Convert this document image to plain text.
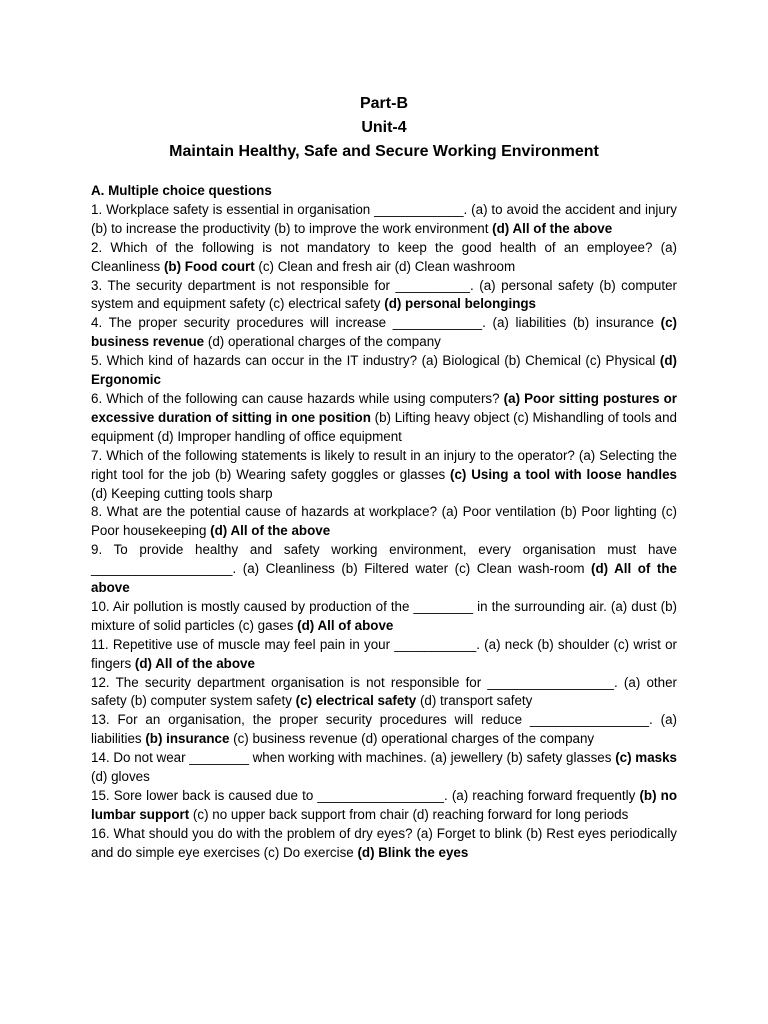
Part-B

Unit-4

Maintain Healthy, Safe and Secure Working Environment

A. Multiple choice questions

1. Workplace safety is essential in organisation ____________. (a) to avoid the accident and injury (b) to increase the productivity (b) to improve the work environment (d) All of the above

2. Which of the following is not mandatory to keep the good health of an employee? (a) Cleanliness (b) Food court (c) Clean and fresh air (d) Clean washroom

3. The security department is not responsible for __________. (a) personal safety (b) computer system and equipment safety (c) electrical safety (d) personal belongings

4. The proper security procedures will increase ____________. (a) liabilities (b) insurance (c) business revenue (d) operational charges of the company

5. Which kind of hazards can occur in the IT industry? (a) Biological (b) Chemical (c) Physical (d) Ergonomic

6. Which of the following can cause hazards while using computers? (a) Poor sitting postures or excessive duration of sitting in one position (b) Lifting heavy object (c) Mishandling of tools and equipment (d) Improper handling of office equipment

7. Which of the following statements is likely to result in an injury to the operator? (a) Selecting the right tool for the job (b) Wearing safety goggles or glasses (c) Using a tool with loose handles (d) Keeping cutting tools sharp

8. What are the potential cause of hazards at workplace? (a) Poor ventilation (b) Poor lighting (c) Poor housekeeping (d) All of the above

9. To provide healthy and safety working environment, every organisation must have ___________________. (a) Cleanliness (b) Filtered water (c) Clean wash-room (d) All of the above

10. Air pollution is mostly caused by production of the ________ in the surrounding air. (a) dust (b) mixture of solid particles (c) gases (d) All of above

11. Repetitive use of muscle may feel pain in your ___________. (a) neck (b) shoulder (c) wrist or fingers (d) All of the above

12. The security department organisation is not responsible for _________________. (a) other safety (b) computer system safety (c) electrical safety (d) transport safety

13. For an organisation, the proper security procedures will reduce ________________. (a) liabilities (b) insurance (c) business revenue (d) operational charges of the company

14. Do not wear ________ when working with machines. (a) jewellery (b) safety glasses (c) masks (d) gloves

15. Sore lower back is caused due to _________________. (a) reaching forward frequently (b) no lumbar support (c) no upper back support from chair (d) reaching forward for long periods

16. What should you do with the problem of dry eyes? (a) Forget to blink (b) Rest eyes periodically and do simple eye exercises (c) Do exercise (d) Blink the eyes
